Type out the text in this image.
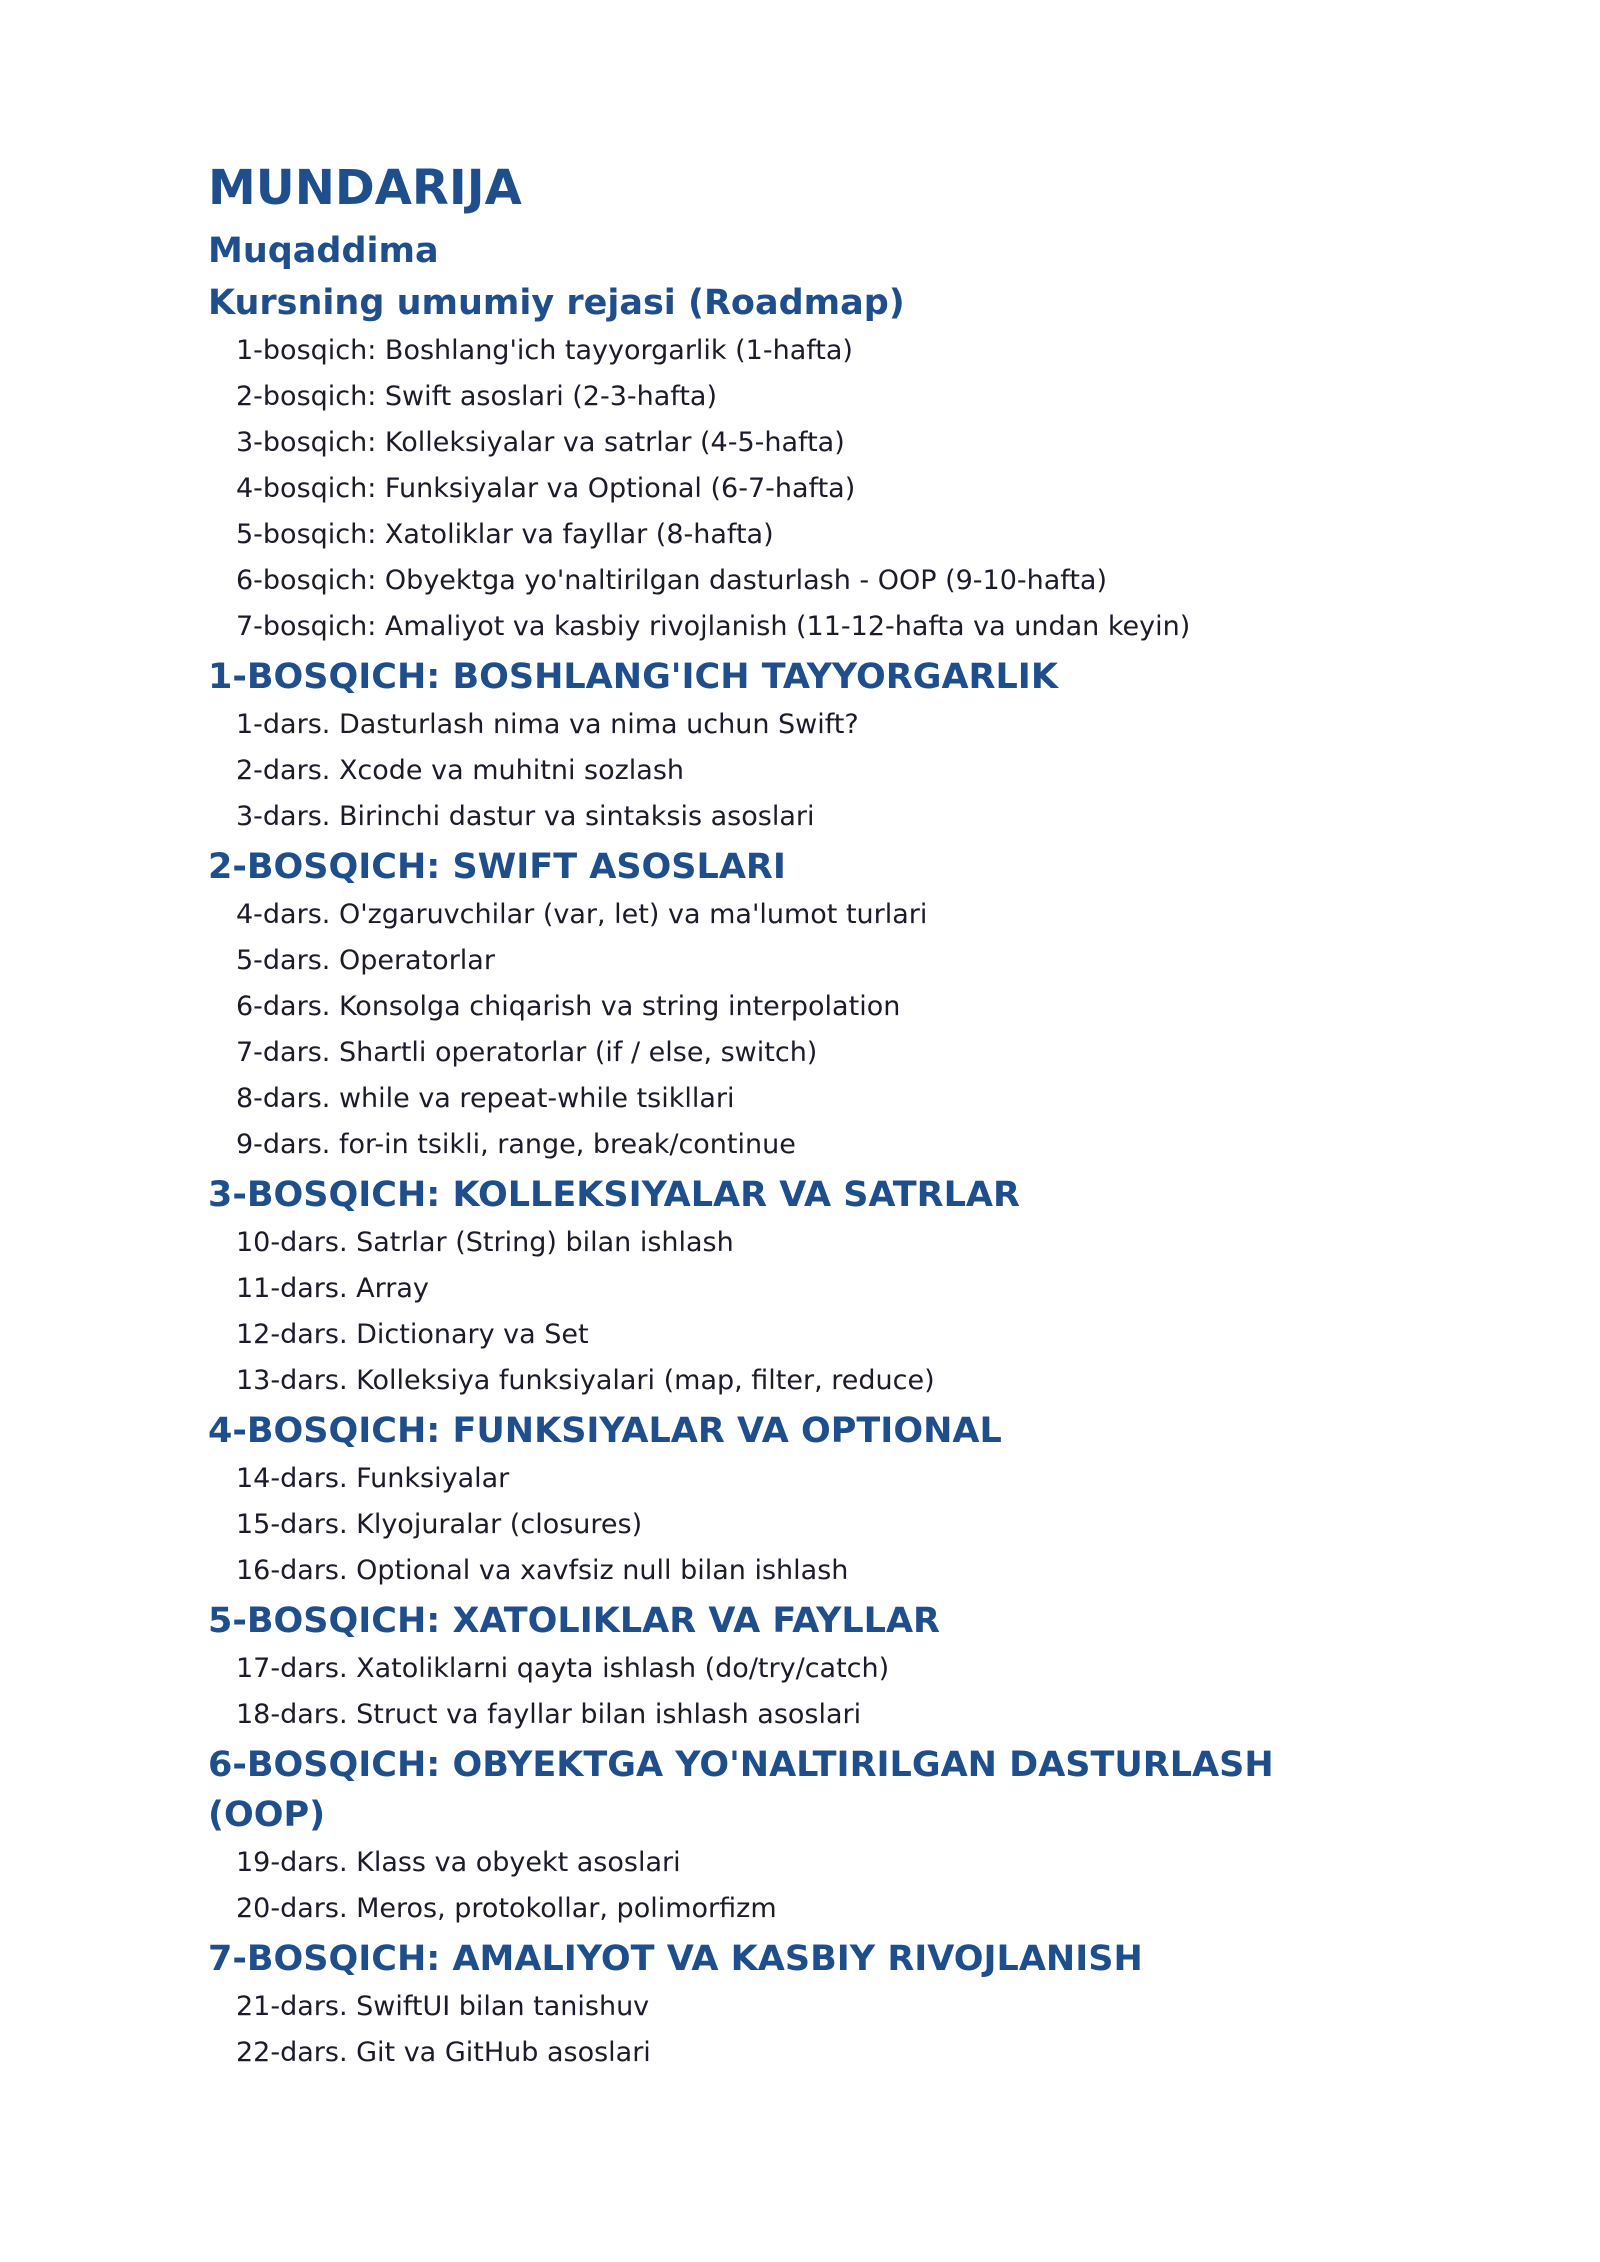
MUNDARIJA
Muqaddima
Kursning umumiy rejasi (Roadmap)
1-bosqich: Boshlang'ich tayyorgarlik (1-hafta)
2-bosqich: Swift asoslari (2-3-hafta)
3-bosqich: Kolleksiyalar va satrlar (4-5-hafta)
4-bosqich: Funksiyalar va Optional (6-7-hafta)
5-bosqich: Xatoliklar va fayllar (8-hafta)
6-bosqich: Obyektga yo'naltirilgan dasturlash - OOP (9-10-hafta)
7-bosqich: Amaliyot va kasbiy rivojlanish (11-12-hafta va undan keyin)
1-BOSQICH: BOSHLANG'ICH TAYYORGARLIK
1-dars. Dasturlash nima va nima uchun Swift?
2-dars. Xcode va muhitni sozlash
3-dars. Birinchi dastur va sintaksis asoslari
2-BOSQICH: SWIFT ASOSLARI
4-dars. O'zgaruvchilar (var, let) va ma'lumot turlari
5-dars. Operatorlar
6-dars. Konsolga chiqarish va string interpolation
7-dars. Shartli operatorlar (if / else, switch)
8-dars. while va repeat-while tsikllari
9-dars. for-in tsikli, range, break/continue
3-BOSQICH: KOLLEKSIYALAR VA SATRLAR
10-dars. Satrlar (String) bilan ishlash
11-dars. Array
12-dars. Dictionary va Set
13-dars. Kolleksiya funksiyalari (map, filter, reduce)
4-BOSQICH: FUNKSIYALAR VA OPTIONAL
14-dars. Funksiyalar
15-dars. Klyojuralar (closures)
16-dars. Optional va xavfsiz null bilan ishlash
5-BOSQICH: XATOLIKLAR VA FAYLLAR
17-dars. Xatoliklarni qayta ishlash (do/try/catch)
18-dars. Struct va fayllar bilan ishlash asoslari
6-BOSQICH: OBYEKTGA YO'NALTIRILGAN DASTURLASH (OOP)
19-dars. Klass va obyekt asoslari
20-dars. Meros, protokollar, polimorfizm
7-BOSQICH: AMALIYOT VA KASBIY RIVOJLANISH
21-dars. SwiftUI bilan tanishuv
22-dars. Git va GitHub asoslari
